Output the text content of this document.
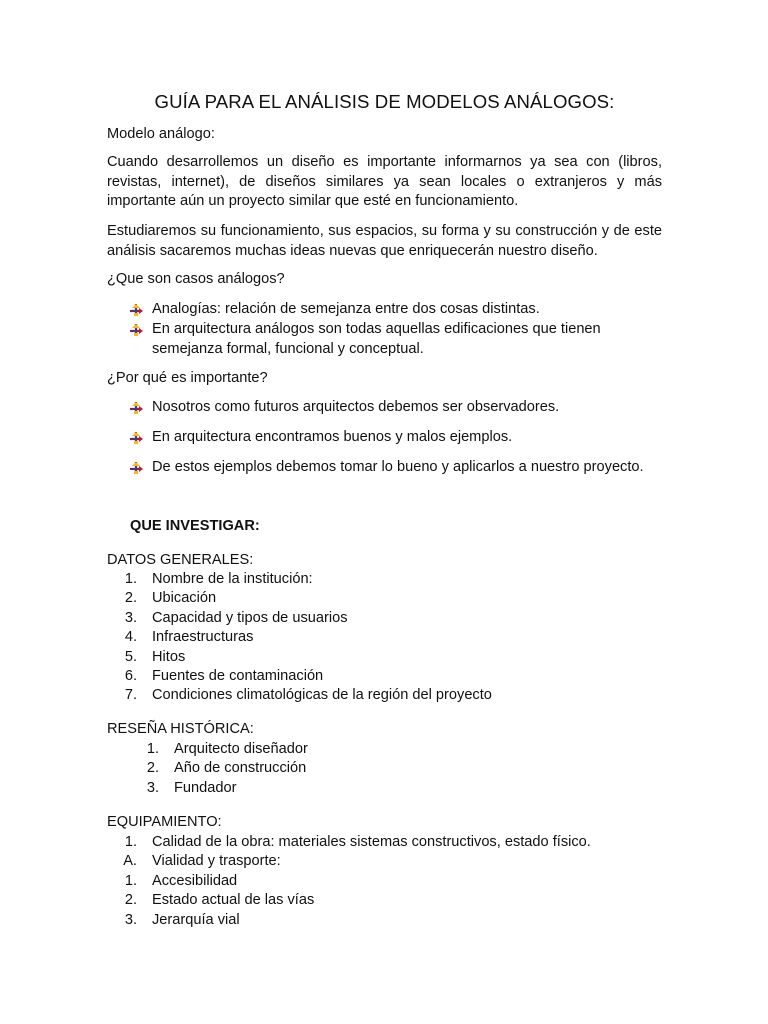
GUÍA PARA EL ANÁLISIS DE MODELOS ANÁLOGOS:
Modelo análogo:
Cuando desarrollemos un diseño es importante informarnos ya sea con (libros, revistas, internet), de diseños similares ya sean locales o extranjeros y más importante aún un proyecto similar que esté en funcionamiento.
Estudiaremos su funcionamiento, sus espacios, su forma y su construcción y de este análisis sacaremos muchas ideas nuevas que enriquecerán nuestro diseño.
¿Que son casos análogos?
Analogías: relación de semejanza entre dos cosas distintas.
En arquitectura análogos son todas aquellas edificaciones que tienen semejanza formal, funcional y conceptual.
¿Por qué es importante?
Nosotros como futuros arquitectos debemos ser observadores.
En arquitectura encontramos buenos y malos ejemplos.
De estos ejemplos debemos tomar lo bueno y aplicarlos a nuestro proyecto.
QUE INVESTIGAR:
DATOS GENERALES:
1. Nombre de la institución:
2. Ubicación
3. Capacidad y tipos de usuarios
4. Infraestructuras
5. Hitos
6. Fuentes de contaminación
7. Condiciones climatológicas de la región del proyecto
RESEÑA HISTÓRICA:
1. Arquitecto diseñador
2. Año de construcción
3. Fundador
EQUIPAMIENTO:
1. Calidad de la obra: materiales sistemas constructivos, estado físico.
A. Vialidad y trasporte:
1. Accesibilidad
2. Estado actual de las vías
3. Jerarquía vial
